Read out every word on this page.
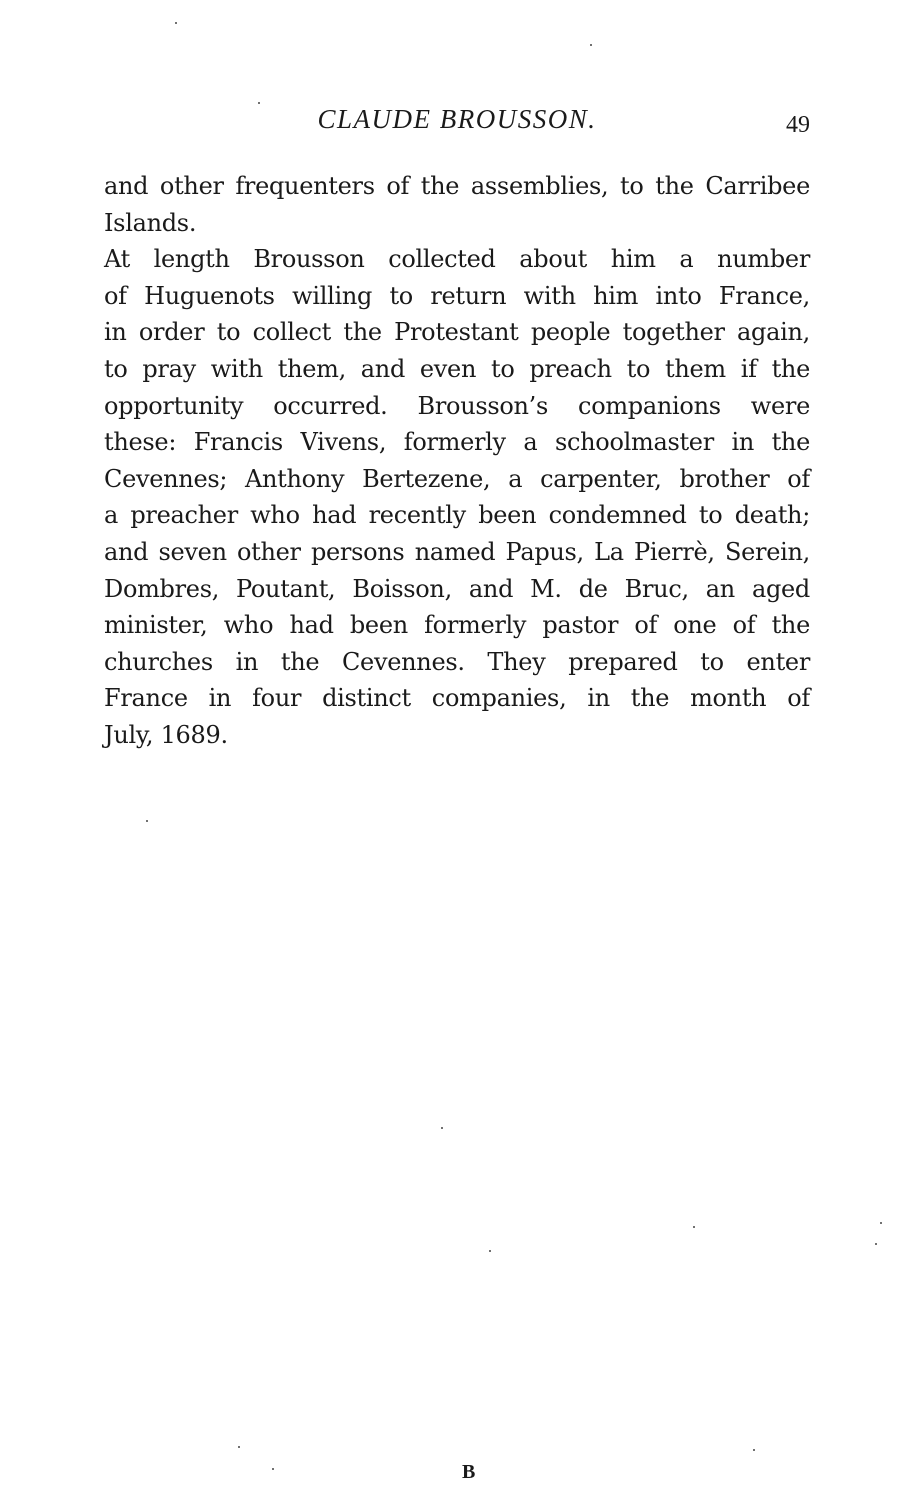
CLAUDE BROUSSON.	49
and other frequenters of the assemblies, to the Carribee
Islands.
At length Brousson collected about him a number
of Huguenots willing to return with him into France,
in order to collect the Protestant people together again,
to pray with them, and even to preach to them if the
opportunity occurred. Brousson’s companions were
these: Francis Vivens, formerly a schoolmaster in the
Cevennes; Anthony Bertezene, a carpenter, brother of
a preacher who had recently been condemned to death;
and seven other persons named Papus, La Pierrè, Serein,
Dombres, Poutant, Boisson, and M. de Bruc, an aged
minister, who had been formerly pastor of one of the
churches in the Cevennes. They prepared to enter
France in four distinct companies, in the month of
July, 1689.
B
